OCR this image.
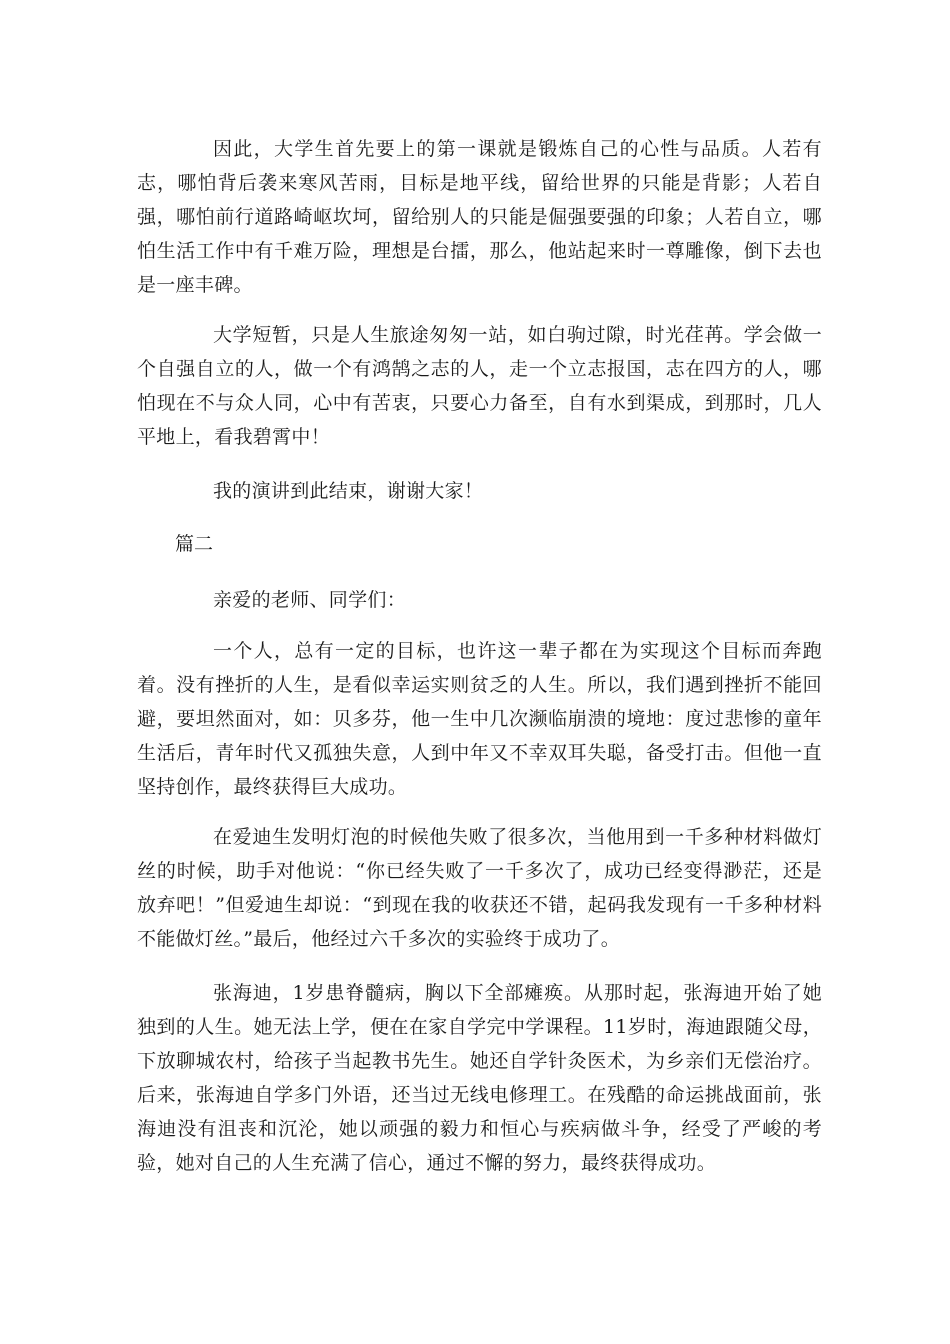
因此，大学生首先要上的第一课就是锻炼自己的心性与品质。人若有志，哪怕背后袭来寒风苦雨，目标是地平线，留给世界的只能是背影；人若自强，哪怕前行道路崎岖坎坷，留给别人的只能是倔强要强的印象；人若自立，哪怕生活工作中有千难万险，理想是台擂，那么，他站起来时一尊雕像，倒下去也是一座丰碑。

大学短暂，只是人生旅途匆匆一站，如白驹过隙，时光荏苒。学会做一个自强自立的人，做一个有鸿鹄之志的人，走一个立志报国，志在四方的人，哪怕现在不与众人同，心中有苦衷，只要心力备至，自有水到渠成，到那时，几人平地上，看我碧霄中！

我的演讲到此结束，谢谢大家！

篇二

亲爱的老师、同学们：

一个人，总有一定的目标，也许这一辈子都在为实现这个目标而奔跑着。没有挫折的人生，是看似幸运实则贫乏的人生。所以，我们遇到挫折不能回避，要坦然面对，如：贝多芬，他一生中几次濒临崩溃的境地：度过悲惨的童年生活后，青年时代又孤独失意，人到中年又不幸双耳失聪，备受打击。但他一直坚持创作，最终获得巨大成功。

在爱迪生发明灯泡的时候他失败了很多次，当他用到一千多种材料做灯丝的时候，助手对他说：“你已经失败了一千多次了，成功已经变得渺茫，还是放弃吧！”但爱迪生却说：“到现在我的收获还不错，起码我发现有一千多种材料不能做灯丝。”最后，他经过六千多次的实验终于成功了。

张海迪，1岁患脊髓病，胸以下全部瘫痪。从那时起，张海迪开始了她独到的人生。她无法上学，便在在家自学完中学课程。11岁时，海迪跟随父母，下放聊城农村，给孩子当起教书先生。她还自学针灸医术，为乡亲们无偿治疗。后来，张海迪自学多门外语，还当过无线电修理工。在残酷的命运挑战面前，张海迪没有沮丧和沉沦，她以顽强的毅力和恒心与疾病做斗争，经受了严峻的考验，她对自己的人生充满了信心，通过不懈的努力，最终获得成功。
